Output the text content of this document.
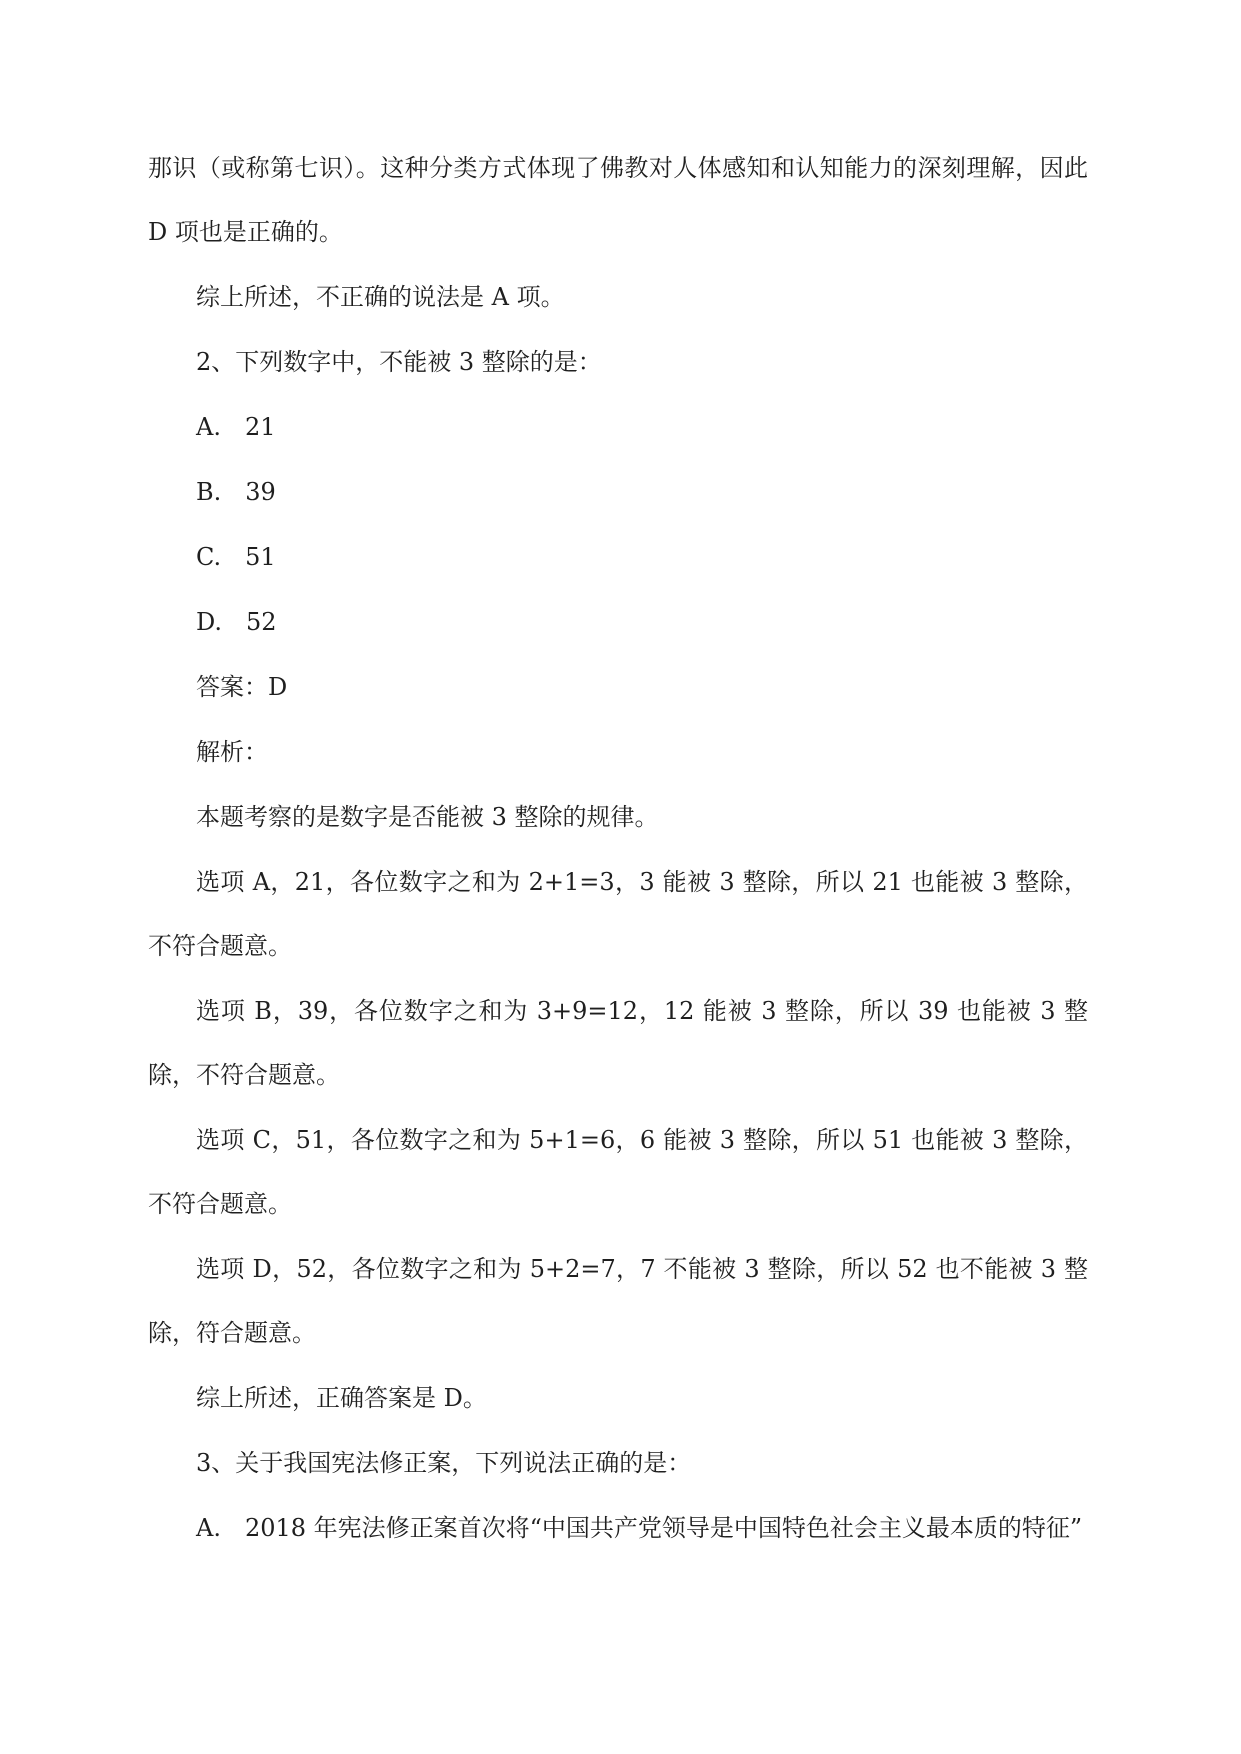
那识（或称第七识）。这种分类方式体现了佛教对人体感知和认知能力的深刻理解，因此 D 项也是正确的。

综上所述，不正确的说法是 A 项。

2、下列数字中，不能被 3 整除的是：

A.　21

B.　39

C.　51

D.　52

答案：D

解析：

本题考察的是数字是否能被 3 整除的规律。

选项 A，21，各位数字之和为 2+1=3，3 能被 3 整除，所以 21 也能被 3 整除，不符合题意。

选项 B，39，各位数字之和为 3+9=12，12 能被 3 整除，所以 39 也能被 3 整除，不符合题意。

选项 C，51，各位数字之和为 5+1=6，6 能被 3 整除，所以 51 也能被 3 整除，不符合题意。

选项 D，52，各位数字之和为 5+2=7，7 不能被 3 整除，所以 52 也不能被 3 整除，符合题意。

综上所述，正确答案是 D。

3、关于我国宪法修正案，下列说法正确的是：

A.　2018 年宪法修正案首次将“中国共产党领导是中国特色社会主义最本质的特征”
